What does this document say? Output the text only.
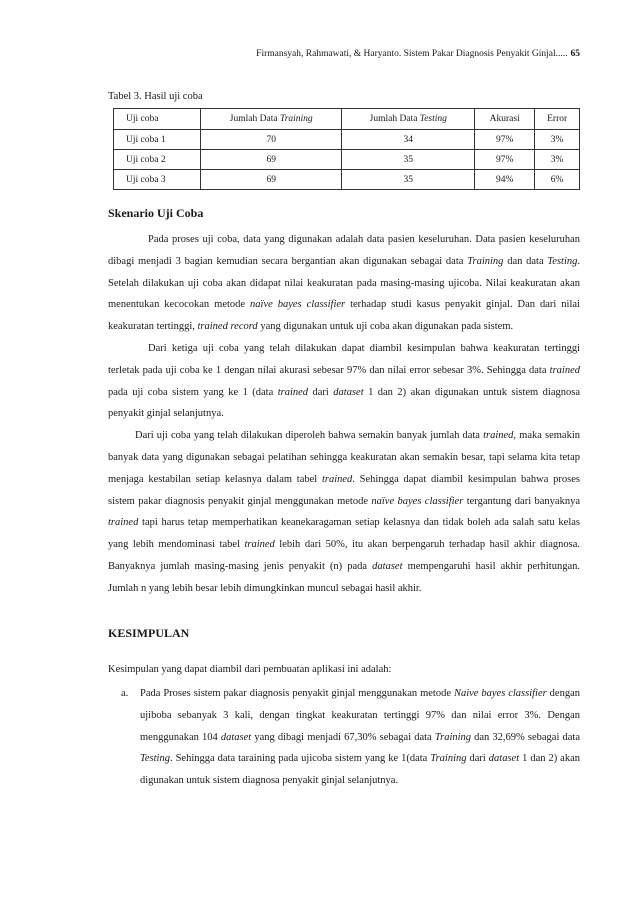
Firmansyah, Rahmawati, & Haryanto. Sistem Pakar Diagnosis Penyakit Ginjal..... 65
Tabel 3. Hasil uji coba
Uji coba	Jumlah Data Training	Jumlah Data Testing	Akurasi	Error
Uji coba 1	70	34	97%	3%
Uji coba 2	69	35	97%	3%
Uji coba 3	69	35	94%	6%
Skenario Uji Coba

Pada proses uji coba, data yang digunakan adalah data pasien keseluruhan. Data pasien keseluruhan dibagi menjadi 3 bagian kemudian secara bergantian akan digunakan sebagai data Training dan data Testing. Setelah dilakukan uji coba akan didapat nilai keakuratan pada masing-masing ujicoba. Nilai keakuratan akan menentukan kecocokan metode naïve bayes classifier terhadap studi kasus penyakit ginjal. Dan dari nilai keakuratan tertinggi, trained record yang digunakan untuk uji coba akan digunakan pada sistem.

Dari ketiga uji coba yang telah dilakukan dapat diambil kesimpulan bahwa keakuratan tertinggi terletak pada uji coba ke 1 dengan nilai akurasi sebesar 97% dan nilai error sebesar 3%. Sehingga data trained pada uji coba sistem yang ke 1 (data trained dari dataset 1 dan 2) akan digunakan untuk sistem diagnosa penyakit ginjal selanjutnya.

Dari uji coba yang telah dilakukan diperoleh bahwa semakin banyak jumlah data trained, maka semakin banyak data yang digunakan sebagai pelatihan sehingga keakuratan akan semakin besar, tapi selama kita tetap menjaga kestabilan setiap kelasnya dalam tabel trained. Sehingga dapat diambil kesimpulan bahwa proses sistem pakar diagnosis penyakit ginjal menggunakan metode naïve bayes classifier tergantung dari banyaknya trained tapi harus tetap memperhatikan keanekaragaman setiap kelasnya dan tidak boleh ada salah satu kelas yang lebih mendominasi tabel trained lebih dari 50%, itu akan berpengaruh terhadap hasil akhir diagnosa. Banyaknya jumlah masing-masing jenis penyakit (n) pada dataset mempengaruhi hasil akhir perhitungan. Jumlah n yang lebih besar lebih dimungkinkan muncul sebagai hasil akhir.

KESIMPULAN
Kesimpulan yang dapat diambil dari pembuatan aplikasi ini adalah:
a. Pada Proses sistem pakar diagnosis penyakit ginjal menggunakan metode Naive bayes classifier dengan ujiboba sebanyak 3 kali, dengan tingkat keakuratan tertinggi 97% dan nilai error 3%. Dengan menggunakan 104 dataset yang dibagi menjadi 67,30% sebagai data Training dan 32,69% sebagai data Testing. Sehingga data taraining pada ujicoba sistem yang ke 1(data Training dari dataset 1 dan 2) akan digunakan untuk sistem diagnosa penyakit ginjal selanjutnya.
